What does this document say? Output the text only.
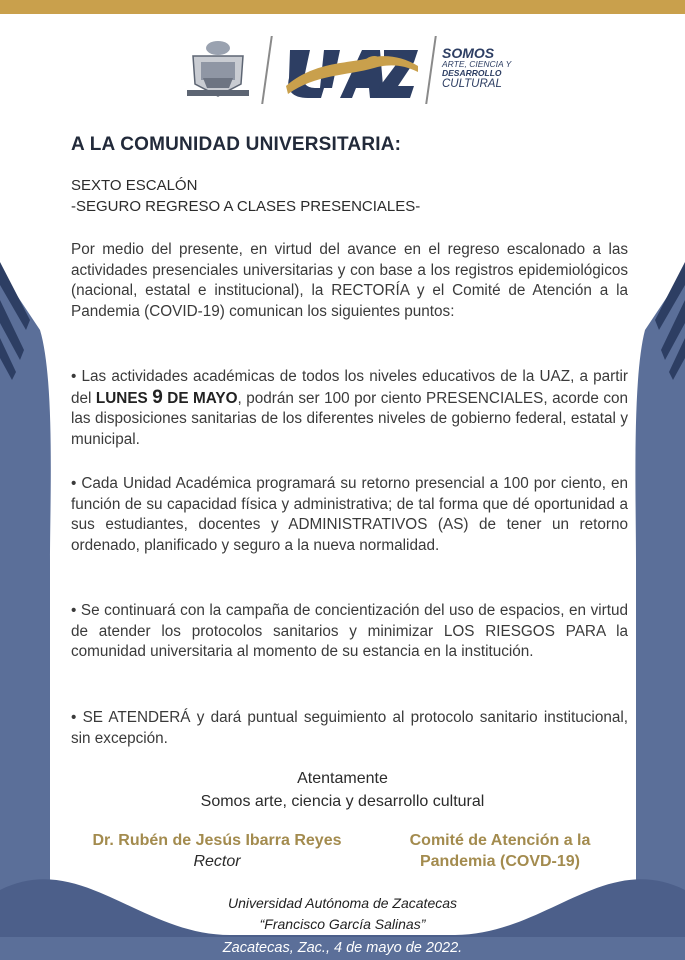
SOMOS
ARTE, CIENCIA Y
DESARROLLO
CULTURAL
A LA COMUNIDAD UNIVERSITARIA:
SEXTO ESCALÓN
-SEGURO REGRESO A CLASES PRESENCIALES-
Por medio del presente, en virtud del avance en el regreso escalonado a las actividades presenciales universitarias y con base a los registros epidemiológicos (nacional, estatal e institucional), la RECTORÍA y el Comité de Atención a la Pandemia (COVID-19) comunican los siguientes puntos:
• Las actividades académicas de todos los niveles educativos de la UAZ, a partir del LUNES 9 DE MAYO, podrán ser 100 por ciento PRESENCIALES, acorde con las disposiciones sanitarias de los diferentes niveles de gobierno federal, estatal y municipal.
• Cada Unidad Académica programará su retorno presencial a 100 por ciento, en función de su capacidad física y administrativa; de tal forma que dé oportunidad a sus estudiantes, docentes y ADMINISTRATIVOS (AS) de tener un retorno ordenado, planificado y seguro a la nueva normalidad.
• Se continuará con la campaña de concientización del uso de espacios, en virtud de atender los protocolos sanitarios y minimizar LOS RIESGOS PARA la comunidad universitaria al momento de su estancia en la institución.
• SE ATENDERÁ y dará puntual seguimiento al protocolo sanitario institucional, sin excepción.
Atentamente
Somos arte, ciencia y desarrollo cultural
Dr. Rubén de Jesús Ibarra Reyes
Rector
Comité de Atención a la
Pandemia (COVD-19)
Universidad Autónoma de Zacatecas
“Francisco García Salinas”
Zacatecas, Zac., 4 de mayo de 2022.
